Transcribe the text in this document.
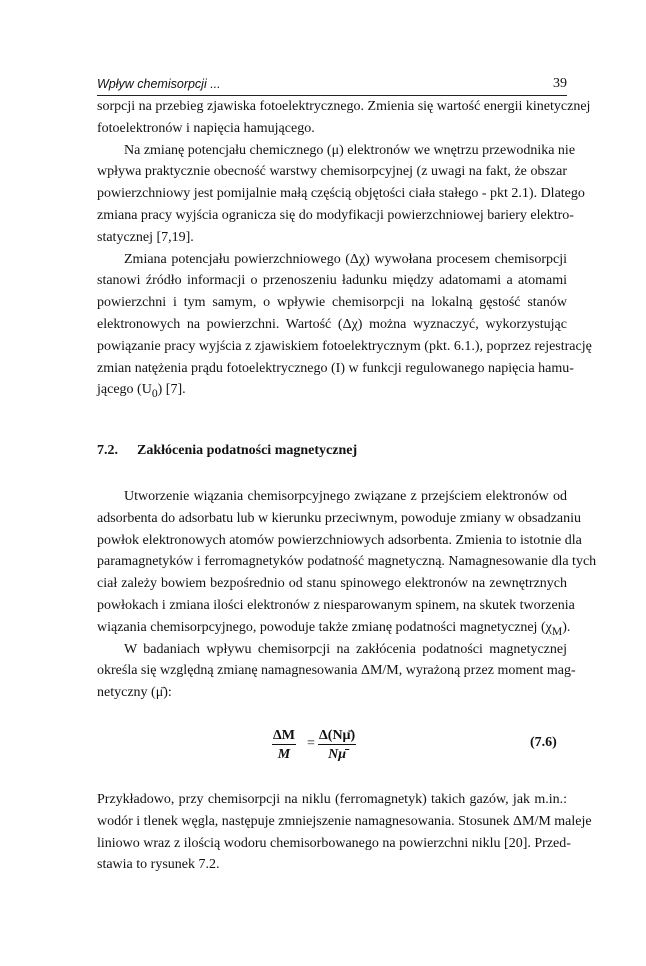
Wpływ chemisorpcji ...	39
sorpcji na przebieg zjawiska fotoelektrycznego. Zmienia się wartość energii kinetycznej
fotoelektronów i napięcia hamującego.
Na zmianę potencjału chemicznego (μ) elektronów we wnętrzu przewodnika nie
wpływa praktycznie obecność warstwy chemisorpcyjnej (z uwagi na fakt, że obszar
powierzchniowy jest pomijalnie małą częścią objętości ciała stałego - pkt 2.1). Dlatego
zmiana pracy wyjścia ogranicza się do modyfikacji powierzchniowej bariery elektro-
statycznej [7,19].
Zmiana potencjału powierzchniowego (Δχ) wywołana procesem chemisorpcji
stanowi źródło informacji o przenoszeniu ładunku między adatomami a atomami
powierzchni i tym samym, o wpływie chemisorpcji na lokalną gęstość stanów
elektronowych na powierzchni. Wartość (Δχ) można wyznaczyć, wykorzystując
powiązanie pracy wyjścia z zjawiskiem fotoelektrycznym (pkt. 6.1.), poprzez rejestrację
zmian natężenia prądu fotoelektrycznego (I) w funkcji regulowanego napięcia hamu-
jącego $(U_0)$ [7].
7.2. Zakłócenia podatności magnetycznej
Utworzenie wiązania chemisorpcyjnego związane z przejściem elektronów od
adsorbenta do adsorbatu lub w kierunku przeciwnym, powoduje zmiany w obsadzaniu
powłok elektronowych atomów powierzchniowych adsorbenta. Zmienia to istotnie dla
paramagnetyków i ferromagnetyków podatność magnetyczną. Namagnesowanie dla tych
ciał zależy bowiem bezpośrednio od stanu spinowego elektronów na zewnętrznych
powłokach i zmiana ilości elektronów z niesparowanym spinem, na skutek tworzenia
wiązania chemisorpcyjnego, powoduje także zmianę podatności magnetycznej $(\chi_M)$.
W badaniach wpływu chemisorpcji na zakłócenia podatności magnetycznej
określa się względną zmianę namagnesowania ΔM/M, wyrażoną przez moment mag-
netyczny (μ̄):
$\frac{\Delta M}{M} = \frac{\Delta(N\mū)}{N\mū}$	(7.6)
Przykładowo, przy chemisorpcji na niklu (ferromagnetyk) takich gazów, jak m.in.:
wodór i tlenek węgla, następuje zmniejszenie namagnesowania. Stosunek ΔM/M maleje
liniowo wraz z ilością wodoru chemisorbowanego na powierzchni niklu [20]. Przed-
stawia to rysunek 7.2.
